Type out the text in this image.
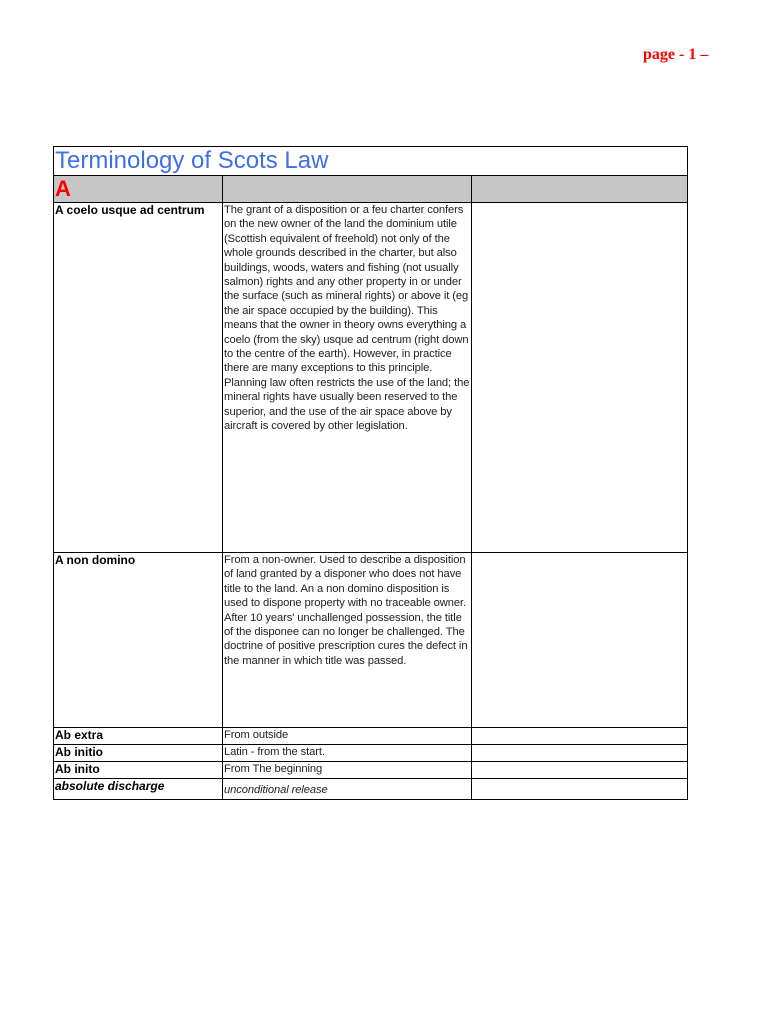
page - 1 –
Terminology of Scots Law		
A		
A coelo usque ad centrum	The grant of a disposition or a feu charter confers on the new owner of the land the dominium utile (Scottish equivalent of freehold) not only of the whole grounds described in the charter, but also buildings, woods, waters and fishing (not usually salmon) rights and any other property in or under the surface (such as mineral rights) or above it (eg the air space occupied by the building). This means that the owner in theory owns everything a coelo (from the sky) usque ad centrum (right down to the centre of the earth). However, in practice there are many exceptions to this principle. Planning law often restricts the use of the land; the mineral rights have usually been reserved to the superior, and the use of the air space above by aircraft is covered by other legislation.	
A non domino	From a non-owner. Used to describe a disposition of land granted by a disponer who does not have title to the land. An a non domino disposition is used to dispone property with no traceable owner. After 10 years' unchallenged possession, the title of the disponee can no longer be challenged. The doctrine of positive prescription cures the defect in the manner in which title was passed.	
Ab extra	From outside	
Ab initio	Latin - from the start.	
Ab inito	From The beginning	
absolute discharge	unconditional release	
